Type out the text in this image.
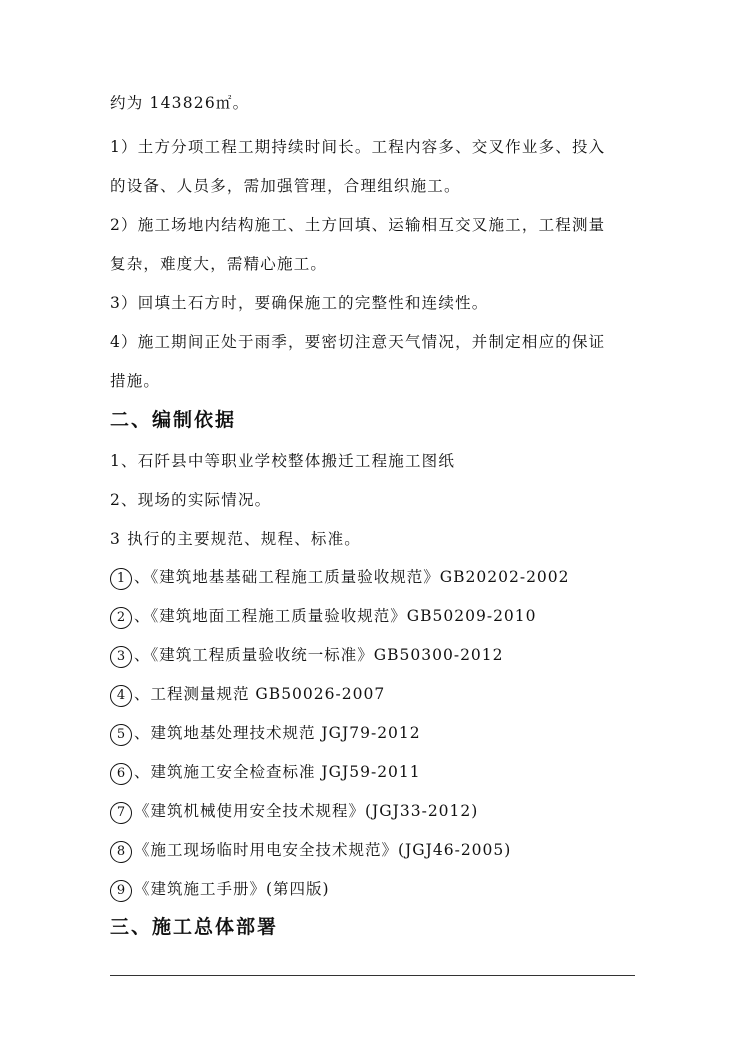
约为 143826㎡。
1）土方分项工程工期持续时间长。工程内容多、交叉作业多、投入
的设备、人员多，需加强管理，合理组织施工。
2）施工场地内结构施工、土方回填、运输相互交叉施工，工程测量
复杂，难度大，需精心施工。
3）回填土石方时，要确保施工的完整性和连续性。
4）施工期间正处于雨季，要密切注意天气情况，并制定相应的保证
措施。
二、编制依据
1、石阡县中等职业学校整体搬迁工程施工图纸
2、现场的实际情况。
3 执行的主要规范、规程、标准。
1 、《建筑地基基础工程施工质量验收规范》GB20202-2002
2 、《建筑地面工程施工质量验收规范》GB50209-2010
3 、《建筑工程质量验收统一标准》GB50300-2012
4 、工程测量规范 GB50026-2007
5 、建筑地基处理技术规范 JGJ79-2012
6 、建筑施工安全检查标准 JGJ59-2011
7 《建筑机械使用安全技术规程》(JGJ33-2012)
8 《施工现场临时用电安全技术规范》(JGJ46-2005)
9 《建筑施工手册》(第四版)
三、施工总体部署
